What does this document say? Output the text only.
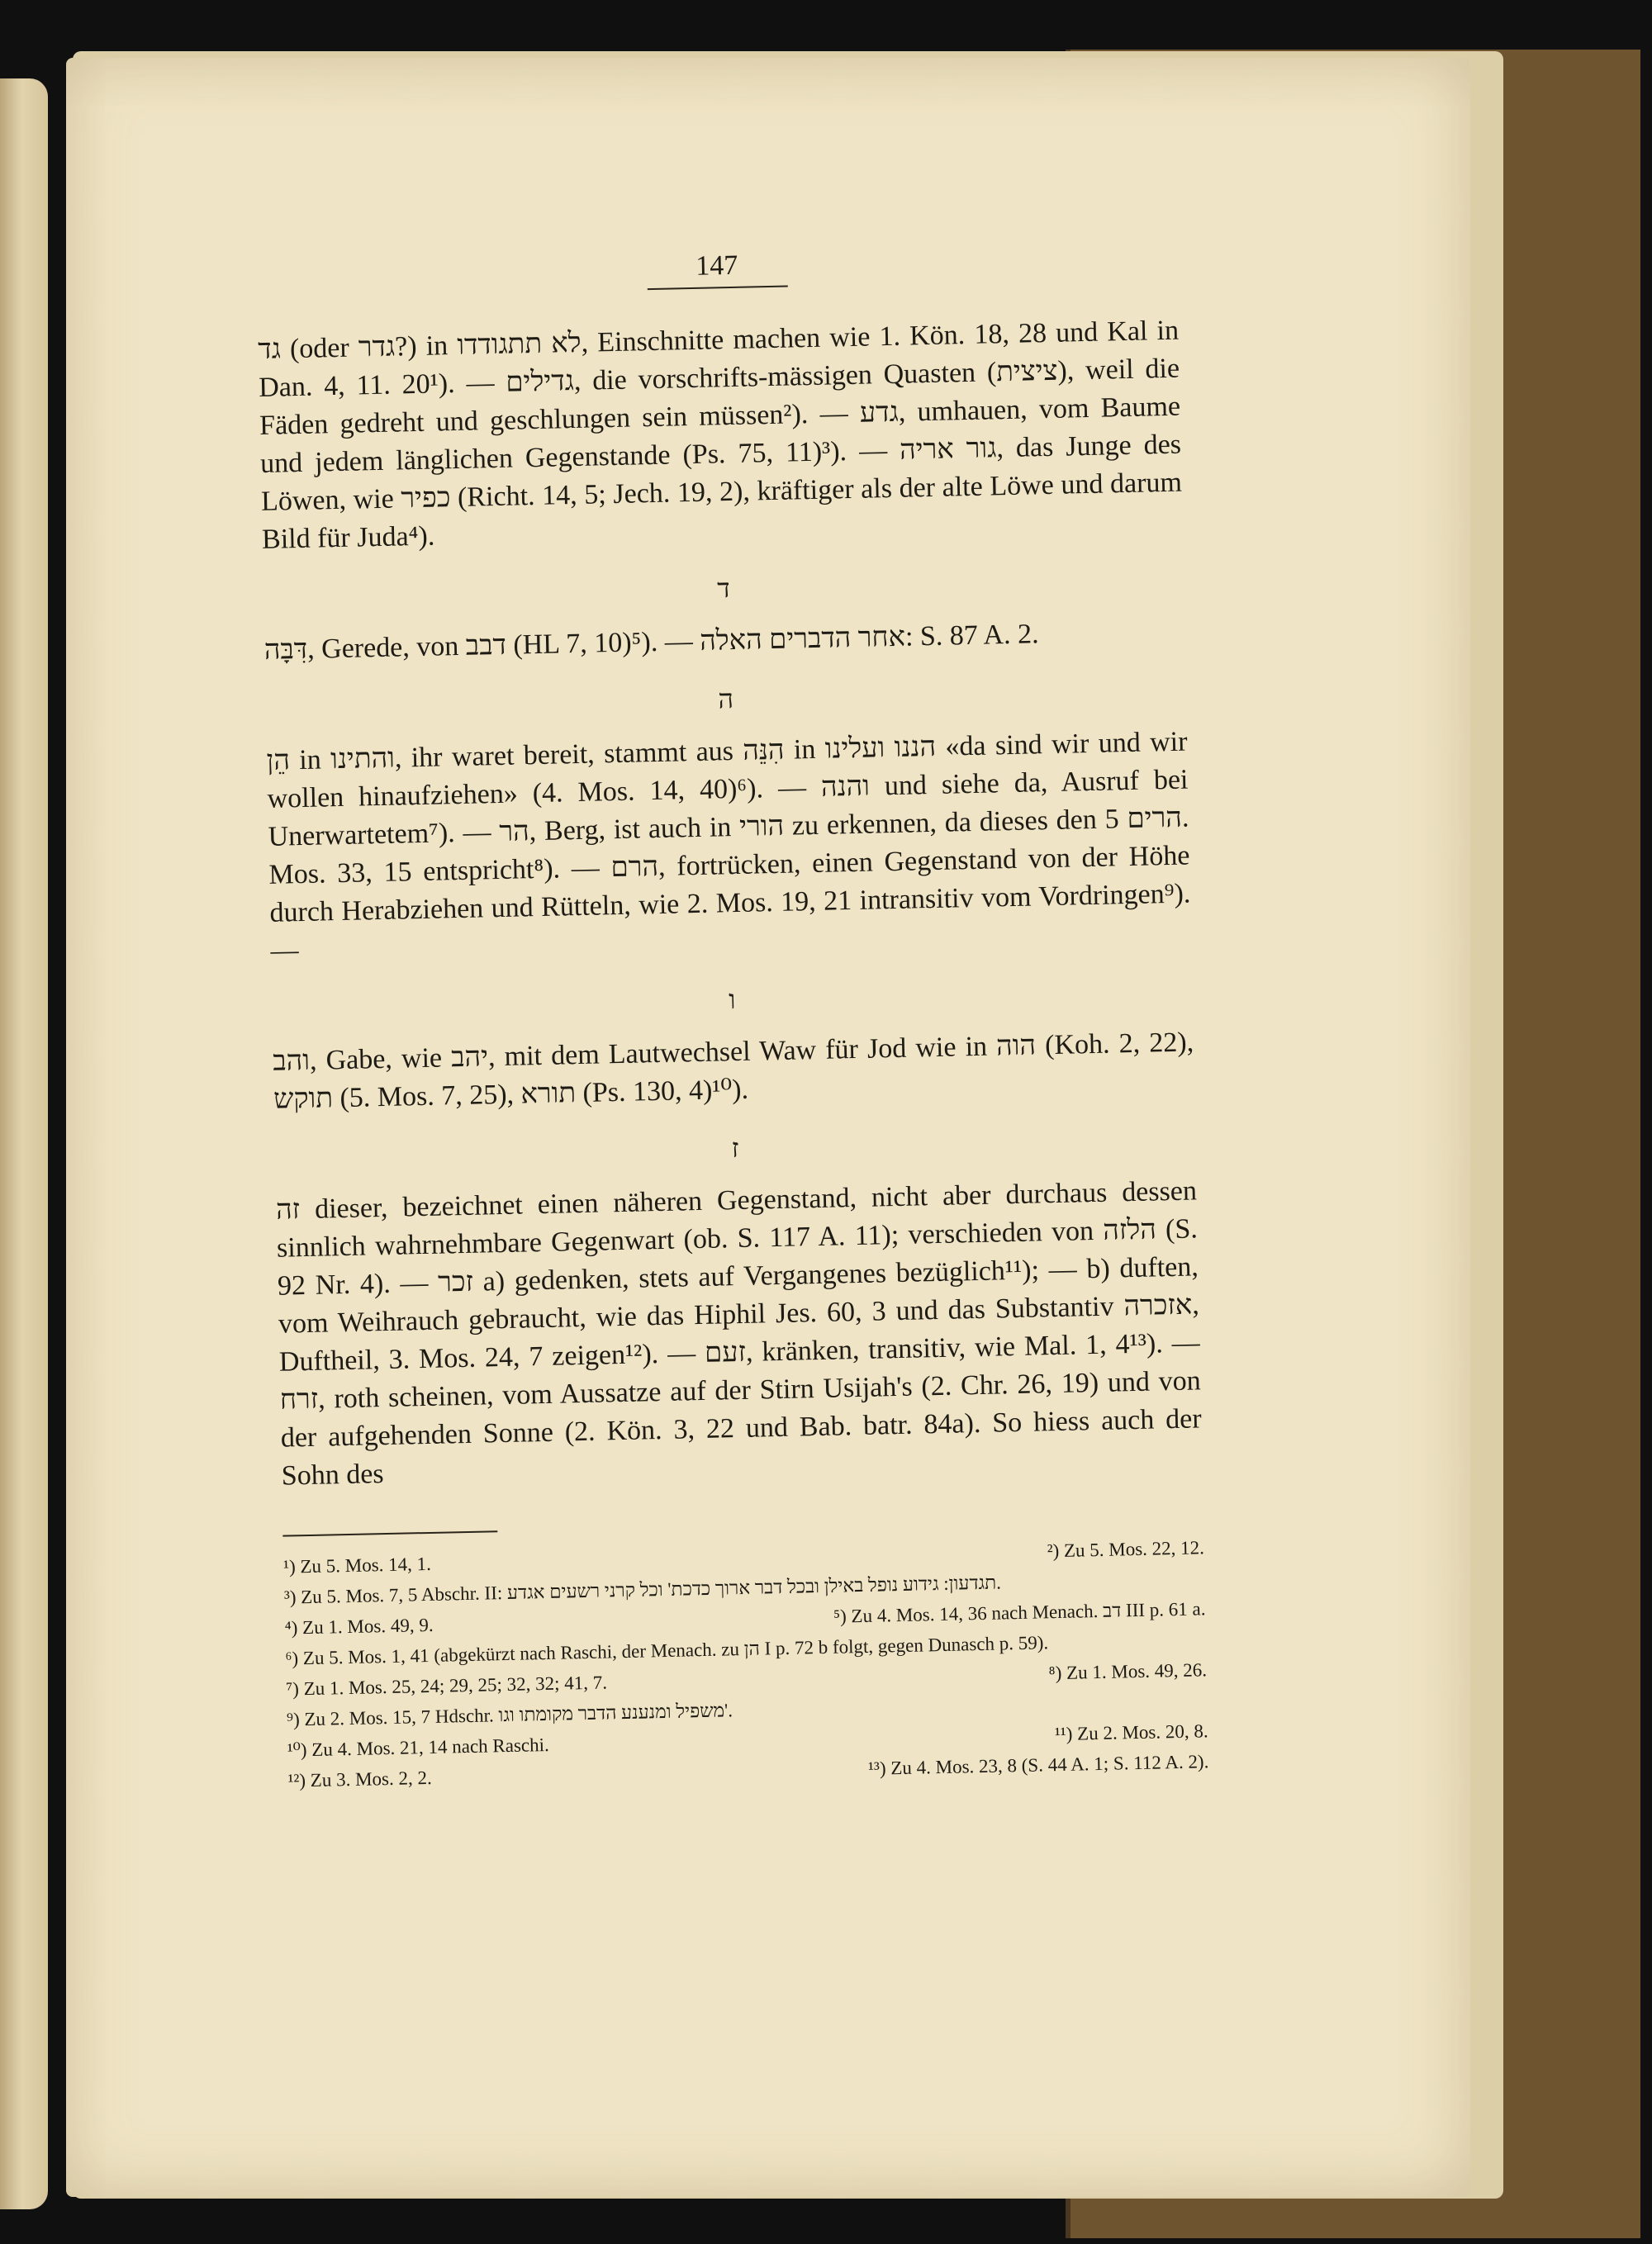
147

גד (oder גדר?) in לא תתגודדו, Einschnitte machen wie 1. Kön. 18, 28 und Kal in Dan. 4, 11. 20¹). — גדילים, die vorschrifts-mässigen Quasten (ציצית), weil die Fäden gedreht und geschlungen sein müssen²). — גדע, umhauen, vom Baume und jedem länglichen Gegenstande (Ps. 75, 11)³). — גור אריה, das Junge des Löwen, wie כפיר (Richt. 14, 5; Jech. 19, 2), kräftiger als der alte Löwe und darum Bild für Juda⁴).

ד

דִּבָּה, Gerede, von דבב (HL 7, 10)⁵). — אחר הדברים האלה: S. 87 A. 2.

ה

הֵן in והתינו, ihr waret bereit, stammt aus הִנֵּה in הננו ועלינו «da sind wir und wir wollen hinaufziehen» (4. Mos. 14, 40)⁶). — והנה und siehe da, Ausruf bei Unerwartetem⁷). — הר, Berg, ist auch in הורי zu erkennen, da dieses den הרים 5. Mos. 33, 15 entspricht⁸). — הרם, fortrücken, einen Gegenstand von der Höhe durch Herabziehen und Rütteln, wie 2. Mos. 19, 21 intransitiv vom Vordringen⁹). —

ו

והב, Gabe, wie יהב, mit dem Lautwechsel Waw für Jod wie in הוה (Koh. 2, 22), תוקש (5. Mos. 7, 25), תורא (Ps. 130, 4)¹⁰).

ז

זה dieser, bezeichnet einen näheren Gegenstand, nicht aber durchaus dessen sinnlich wahrnehmbare Gegenwart (ob. S. 117 A. 11); verschieden von הלזה (S. 92 Nr. 4). — זכר a) gedenken, stets auf Vergangenes bezüglich¹¹); — b) duften, vom Weihrauch gebraucht, wie das Hiphil Jes. 60, 3 und das Substantiv אזכרה, Duftheil, 3. Mos. 24, 7 zeigen¹²). — זעם, kränken, transitiv, wie Mal. 1, 4¹³). — זרח, roth scheinen, vom Aussatze auf der Stirn Usijah's (2. Chr. 26, 19) und von der aufgehenden Sonne (2. Kön. 3, 22 und Bab. batr. 84a). So hiess auch der Sohn des

¹) Zu 5. Mos. 14, 1.
²) Zu 5. Mos. 22, 12.
³) Zu 5. Mos. 7, 5 Abschr. II: תגדעון: גידוע נופל באילן ובכל דבר ארוך כדכת' וכל קרני רשעים אגדע.
⁴) Zu 1. Mos. 49, 9.	⁵) Zu 4. Mos. 14, 36 nach Menach. דב III p. 61 a.
⁶) Zu 5. Mos. 1, 41 (abgekürzt nach Raschi, der Menach. zu הן I p. 72 b folgt, gegen Dunasch p. 59).
⁷) Zu 1. Mos. 25, 24; 29, 25; 32, 32; 41, 7.
⁸) Zu 1. Mos. 49, 26.
⁹) Zu 2. Mos. 15, 7 Hdschr. משפיל ומנענע הדבר מקומתו וגו'.
¹⁰) Zu 4. Mos. 21, 14 nach Raschi.
¹¹) Zu 2. Mos. 20, 8.
¹²) Zu 3. Mos. 2, 2.
¹³) Zu 4. Mos. 23, 8 (S. 44 A. 1; S. 112 A. 2).
